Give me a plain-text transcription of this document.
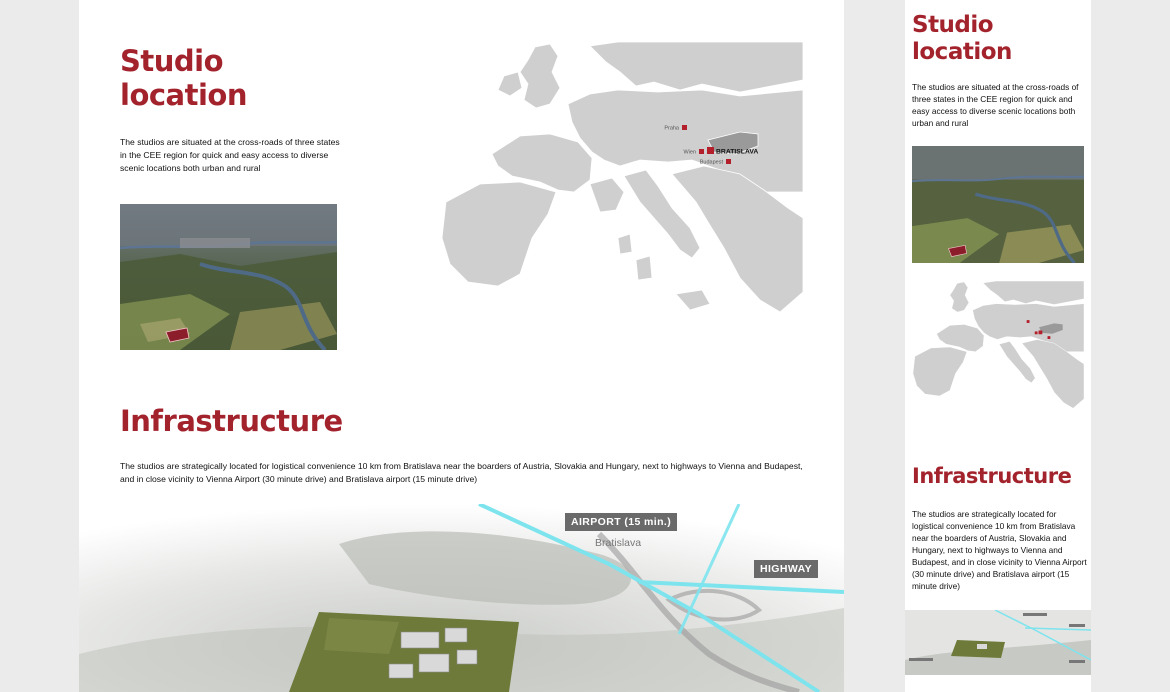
Studio location

The studios are situated at the cross-roads of three states in the CEE region for quick and easy access to diverse scenic locations both urban and rural

Praha
Wien	BRATISLAVA
Budapest
Infrastructure

The studios are strategically located for logistical convenience 10 km from Bratislava near the boarders of Austria, Slovakia and Hungary, next to highways to Vienna and Budapest, and in close vicinity to Vienna Airport (30 minute drive) and Bratislava airport (15 minute drive)

AIRPORT (15 min.)
Bratislava
HIGHWAY
Studio location

The studios are situated at the cross-roads of three states in the CEE region for quick and easy access to diverse scenic locations both urban and rural

Infrastructure

The studios are strategically located for logistical convenience 10 km from Bratislava near the boarders of Austria, Slovakia and Hungary, next to highways to Vienna and Budapest, and in close vicinity to Vienna Airport (30 minute drive) and Bratislava airport (15 minute drive)
